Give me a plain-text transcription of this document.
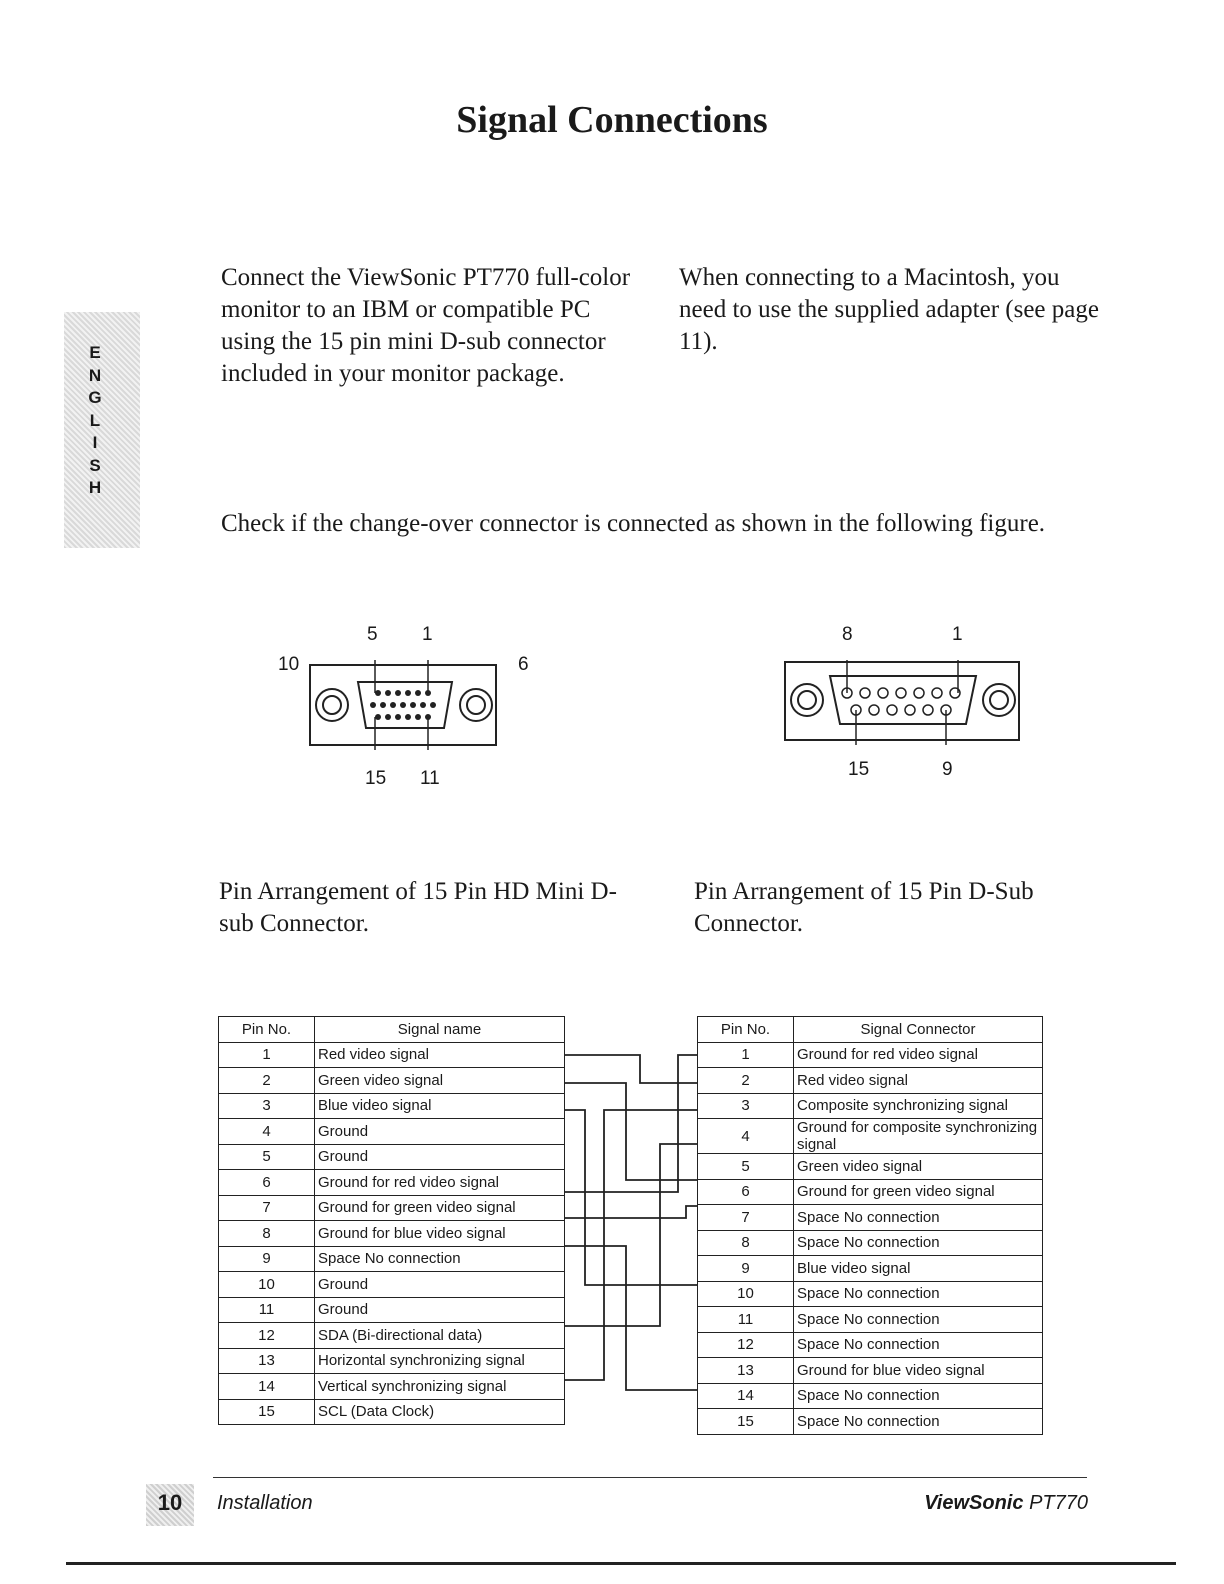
Signal Connections
ENGLISH
Connect the ViewSonic PT770 full-color monitor to an IBM or compatible PC using the 15 pin mini D-sub connector included in your monitor package.
When connecting to a Macintosh, you need to use the supplied adapter (see page 11).
Check if the change-over connector is connected as shown in the following figure.
5 1
10	6
15 11
8	1
15	9
Pin Arrangement of 15 Pin HD Mini D-sub Connector.
Pin Arrangement of 15 Pin D-Sub Connector.
Pin No.	Signal name
1	Red video signal
2	Green video signal
3	Blue video signal
4	Ground
5	Ground
6	Ground for red video signal
7	Ground for green video signal
8	Ground for blue video signal
9	Space No connection
10	Ground
11	Ground
12	SDA (Bi-directional data)
13	Horizontal synchronizing signal
14	Vertical synchronizing signal
15	SCL (Data Clock)
Pin No.	Signal Connector
1	Ground for red video signal
2	Red video signal
3	Composite synchronizing signal
4	Ground for composite synchronizing signal
5	Green video signal
6	Ground for green video signal
7	Space No connection
8	Space No connection
9	Blue video signal
10	Space No connection
11	Space No connection
12	Space No connection
13	Ground for blue video signal
14	Space No connection
15	Space No connection
10	Installation	ViewSonic PT770
